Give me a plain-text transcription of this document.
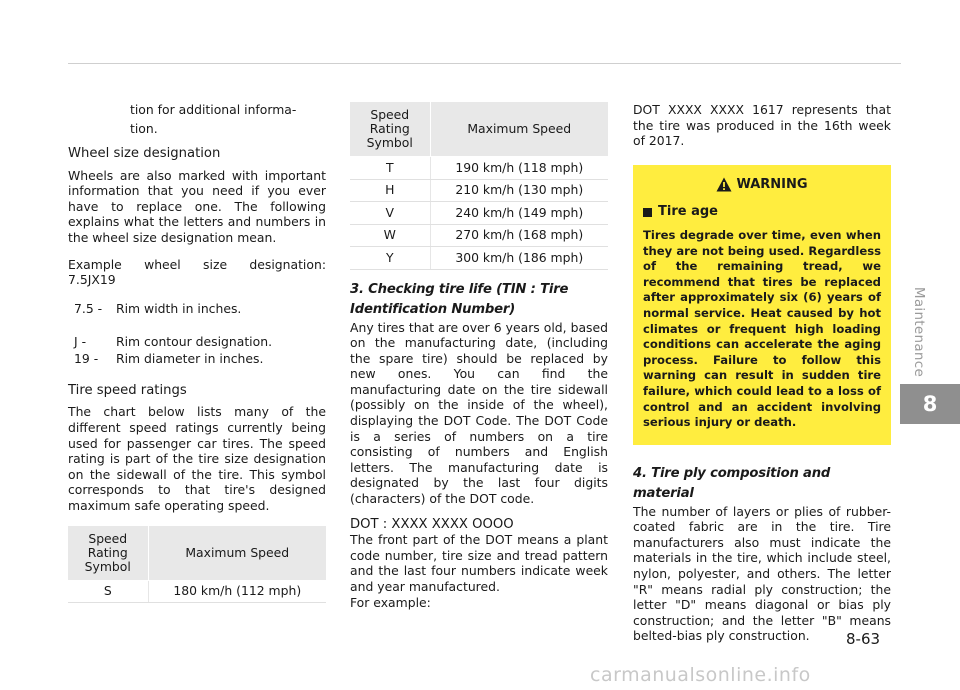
tion for additional informa-
tion.

Wheel size designation

Wheels are also marked with important information that you need if you ever have to replace one. The following explains what the letters and numbers in the wheel size designation mean.

Example wheel size designation:
7.5JX19
7.5 -	Rim width in inches.
J -	Rim contour designation.
19 -	Rim diameter in inches.
Tire speed ratings

The chart below lists many of the different speed ratings currently being used for passenger car tires. The speed rating is part of the tire size designation on the sidewall of the tire. This symbol corresponds to that tire's designed maximum safe operating speed.

Speed
Rating
Symbol	Maximum Speed
S	180 km/h (112 mph)
Speed
Rating
Symbol	Maximum Speed
T	190 km/h (118 mph)
H	210 km/h (130 mph)
V	240 km/h (149 mph)
W	270 km/h (168 mph)
Y	300 km/h (186 mph)
3. Checking tire life (TIN : Tire Identification Number)

Any tires that are over 6 years old, based on the manufacturing date, (including the spare tire) should be replaced by new ones. You can find the manufacturing date on the tire sidewall (possibly on the inside of the wheel), displaying the DOT Code. The DOT Code is a series of numbers on a tire consisting of numbers and English letters. The manufacturing date is designated by the last four digits (characters) of the DOT code.

DOT : XXXX XXXX OOOO

The front part of the DOT means a plant code number, tire size and tread pattern and the last four numbers indicate week and year manufactured.

For example:

DOT XXXX XXXX 1617 represents that the tire was produced in the 16th week of 2017.

WARNING
Tire age

Tires degrade over time, even when they are not being used. Regardless of the remaining tread, we recommend that tires be replaced after approximately six (6) years of normal service. Heat caused by hot climates or frequent high loading conditions can accelerate the aging process. Failure to follow this warning can result in sudden tire failure, which could lead to a loss of control and an accident involving serious injury or death.

4. Tire ply composition and material

The number of layers or plies of rubber- coated fabric are in the tire. Tire manufacturers also must indicate the materials in the tire, which include steel, nylon, polyester, and others. The letter "R" means radial ply construction; the letter "D" means diagonal or bias ply construction; and the letter "B" means belted-bias ply construction.

Maintenance
8
8-63
carmanualsonline.info
